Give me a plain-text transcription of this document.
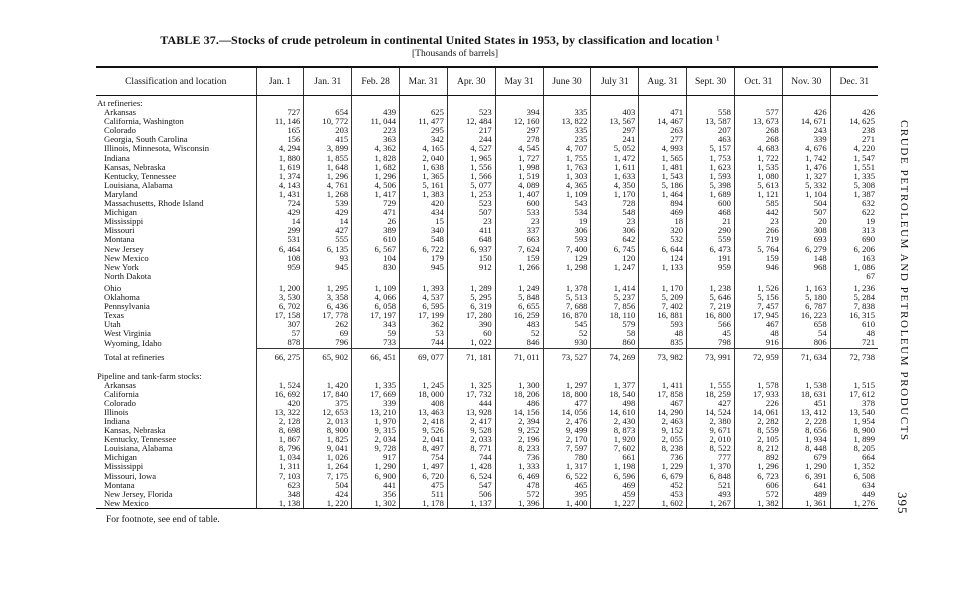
TABLE 37.—Stocks of crude petroleum in continental United States in 1953, by classification and location ¹
[Thousands of barrels]
Classification and location	Jan. 1	Jan. 31	Feb. 28	Mar. 31	Apr. 30	May 31	June 30	July 31	Aug. 31	Sept. 30	Oct. 31	Nov. 30	Dec. 31
At refineries:													
Arkansas	727	654	439	625	523	394	335	403	471	558	577	426	426
California, Washington	11, 146	10, 772	11, 044	11, 477	12, 484	12, 160	13, 822	13, 567	14, 467	13, 587	13, 673	14, 671	14, 625
Colorado	165	203	223	295	217	297	335	297	263	207	268	243	238
Georgia, South Carolina	156	415	363	342	244	278	235	241	277	463	268	339	271
Illinois, Minnesota, Wisconsin	4, 294	3, 899	4, 362	4, 165	4, 527	4, 545	4, 707	5, 052	4, 993	5, 157	4, 683	4, 676	4, 220
Indiana	1, 880	1, 855	1, 828	2, 040	1, 965	1, 727	1, 755	1, 472	1, 565	1, 753	1, 722	1, 742	1, 547
Kansas, Nebraska	1, 619	1, 648	1, 682	1, 638	1, 556	1, 998	1, 763	1, 611	1, 481	1, 623	1, 535	1, 476	1, 551
Kentucky, Tennessee	1, 374	1, 296	1, 296	1, 365	1, 566	1, 519	1, 303	1, 633	1, 543	1, 593	1, 080	1, 327	1, 335
Louisiana, Alabama	4, 143	4, 761	4, 506	5, 161	5, 077	4, 089	4, 365	4, 350	5, 186	5, 398	5, 613	5, 332	5, 308
Maryland	1, 431	1, 268	1, 417	1, 383	1, 253	1, 407	1, 109	1, 170	1, 464	1, 689	1, 121	1, 104	1, 387
Massachusetts, Rhode Island	724	539	729	420	523	600	543	728	894	600	585	504	632
Michigan	429	429	471	434	507	533	534	548	469	468	442	507	622
Mississippi	14	14	26	15	23	23	19	23	18	21	23	20	19
Missouri	299	427	389	340	411	337	306	306	320	290	266	308	313
Montana	531	555	610	548	648	663	593	642	532	559	719	693	690
New Jersey	6, 464	6, 135	6, 567	6, 722	6, 937	7, 624	7, 400	6, 745	6, 644	6, 473	5, 764	6, 279	6, 206
New Mexico	108	93	104	179	150	159	129	120	124	191	159	148	163
New York	959	945	830	945	912	1, 266	1, 298	1, 247	1, 133	959	946	968	1, 086
North Dakota													67
Ohio	1, 200	1, 295	1, 109	1, 393	1, 289	1, 249	1, 378	1, 414	1, 170	1, 238	1, 526	1, 163	1, 236
Oklahoma	3, 530	3, 358	4, 066	4, 537	5, 295	5, 848	5, 513	5, 237	5, 209	5, 646	5, 156	5, 180	5, 284
Pennsylvania	6, 702	6, 436	6, 058	6, 595	6, 319	6, 655	7, 688	7, 856	7, 402	7, 219	7, 457	6, 787	7, 838
Texas	17, 158	17, 778	17, 197	17, 199	17, 280	16, 259	16, 870	18, 110	16, 881	16, 800	17, 945	16, 223	16, 315
Utah	307	262	343	362	390	483	545	579	593	566	467	658	610
West Virginia	57	69	59	53	60	52	52	58	48	45	48	54	48
Wyoming, Idaho	878	796	733	744	1, 022	846	930	860	835	798	916	806	721
Total at refineries	66, 275	65, 902	66, 451	69, 077	71, 181	71, 011	73, 527	74, 269	73, 982	73, 991	72, 959	71, 634	72, 738
Pipeline and tank-farm stocks:													
Arkansas	1, 524	1, 420	1, 335	1, 245	1, 325	1, 300	1, 297	1, 377	1, 411	1, 555	1, 578	1, 538	1, 515
California	16, 692	17, 840	17, 669	18, 000	17, 732	18, 206	18, 800	18, 540	17, 858	18, 259	17, 933	18, 631	17, 612
Colorado	420	375	339	408	444	486	477	498	467	427	226	451	378
Illinois	13, 322	12, 653	13, 210	13, 463	13, 928	14, 156	14, 056	14, 610	14, 290	14, 524	14, 061	13, 412	13, 540
Indiana	2, 128	2, 013	1, 970	2, 418	2, 417	2, 394	2, 476	2, 430	2, 463	2, 380	2, 282	2, 228	1, 954
Kansas, Nebraska	8, 698	8, 900	9, 315	9, 526	9, 528	9, 252	9, 499	8, 873	9, 152	9, 671	8, 559	8, 656	8, 900
Kentucky, Tennessee	1, 867	1, 825	2, 034	2, 041	2, 033	2, 196	2, 170	1, 920	2, 055	2, 010	2, 105	1, 934	1, 899
Louisiana, Alabama	8, 796	9, 041	9, 728	8, 497	8, 771	8, 233	7, 597	7, 602	8, 238	8, 522	8, 212	8, 448	8, 205
Michigan	1, 034	1, 026	917	754	744	736	780	661	736	777	892	679	664
Mississippi	1, 311	1, 264	1, 290	1, 497	1, 428	1, 333	1, 317	1, 198	1, 229	1, 370	1, 296	1, 290	1, 352
Missouri, Iowa	7, 103	7, 175	6, 900	6, 720	6, 524	6, 469	6, 522	6, 596	6, 679	6, 848	6, 723	6, 391	6, 508
Montana	623	504	441	475	547	478	465	469	452	521	606	641	634
New Jersey, Florida	348	424	356	511	506	572	395	459	453	493	572	489	449
New Mexico	1, 138	1, 220	1, 302	1, 178	1, 137	1, 396	1, 400	1, 227	1, 602	1, 267	1, 382	1, 361	1, 276
For footnote, see end of table.
CRUDE PETROLEUM AND PETROLEUM PRODUCTS
395
